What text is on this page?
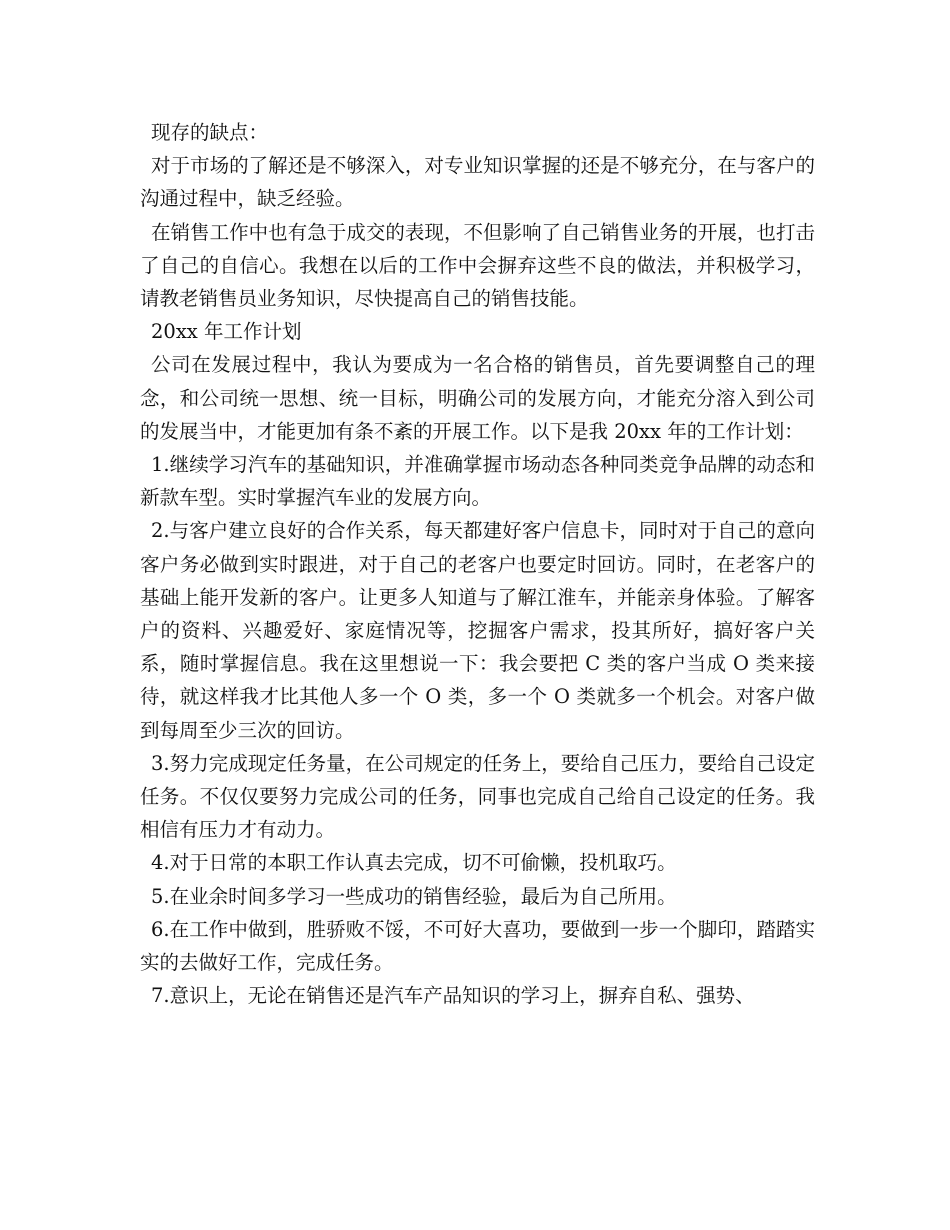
现存的缺点：

对于市场的了解还是不够深入，对专业知识掌握的还是不够充分，在与客户的沟通过程中，缺乏经验。

在销售工作中也有急于成交的表现，不但影响了自己销售业务的开展，也打击了自己的自信心。我想在以后的工作中会摒弃这些不良的做法，并积极学习，请教老销售员业务知识，尽快提高自己的销售技能。

20xx 年工作计划

公司在发展过程中，我认为要成为一名合格的销售员，首先要调整自己的理念，和公司统一思想、统一目标，明确公司的发展方向，才能充分溶入到公司的发展当中，才能更加有条不紊的开展工作。以下是我 20xx 年的工作计划：

1.继续学习汽车的基础知识，并准确掌握市场动态各种同类竞争品牌的动态和新款车型。实时掌握汽车业的发展方向。

2.与客户建立良好的合作关系，每天都建好客户信息卡，同时对于自己的意向客户务必做到实时跟进，对于自己的老客户也要定时回访。同时，在老客户的基础上能开发新的客户。让更多人知道与了解江淮车，并能亲身体验。了解客户的资料、兴趣爱好、家庭情况等，挖掘客户需求，投其所好，搞好客户关系，随时掌握信息。我在这里想说一下：我会要把 C 类的客户当成 O 类来接待，就这样我才比其他人多一个 O 类，多一个 O 类就多一个机会。对客户做到每周至少三次的回访。

3.努力完成现定任务量，在公司规定的任务上，要给自己压力，要给自己设定任务。不仅仅要努力完成公司的任务，同事也完成自己给自己设定的任务。我相信有压力才有动力。

4.对于日常的本职工作认真去完成，切不可偷懒，投机取巧。

5.在业余时间多学习一些成功的销售经验，最后为自己所用。

6.在工作中做到，胜骄败不馁，不可好大喜功，要做到一步一个脚印，踏踏实实的去做好工作，完成任务。

7.意识上，无论在销售还是汽车产品知识的学习上，摒弃自私、强势、
